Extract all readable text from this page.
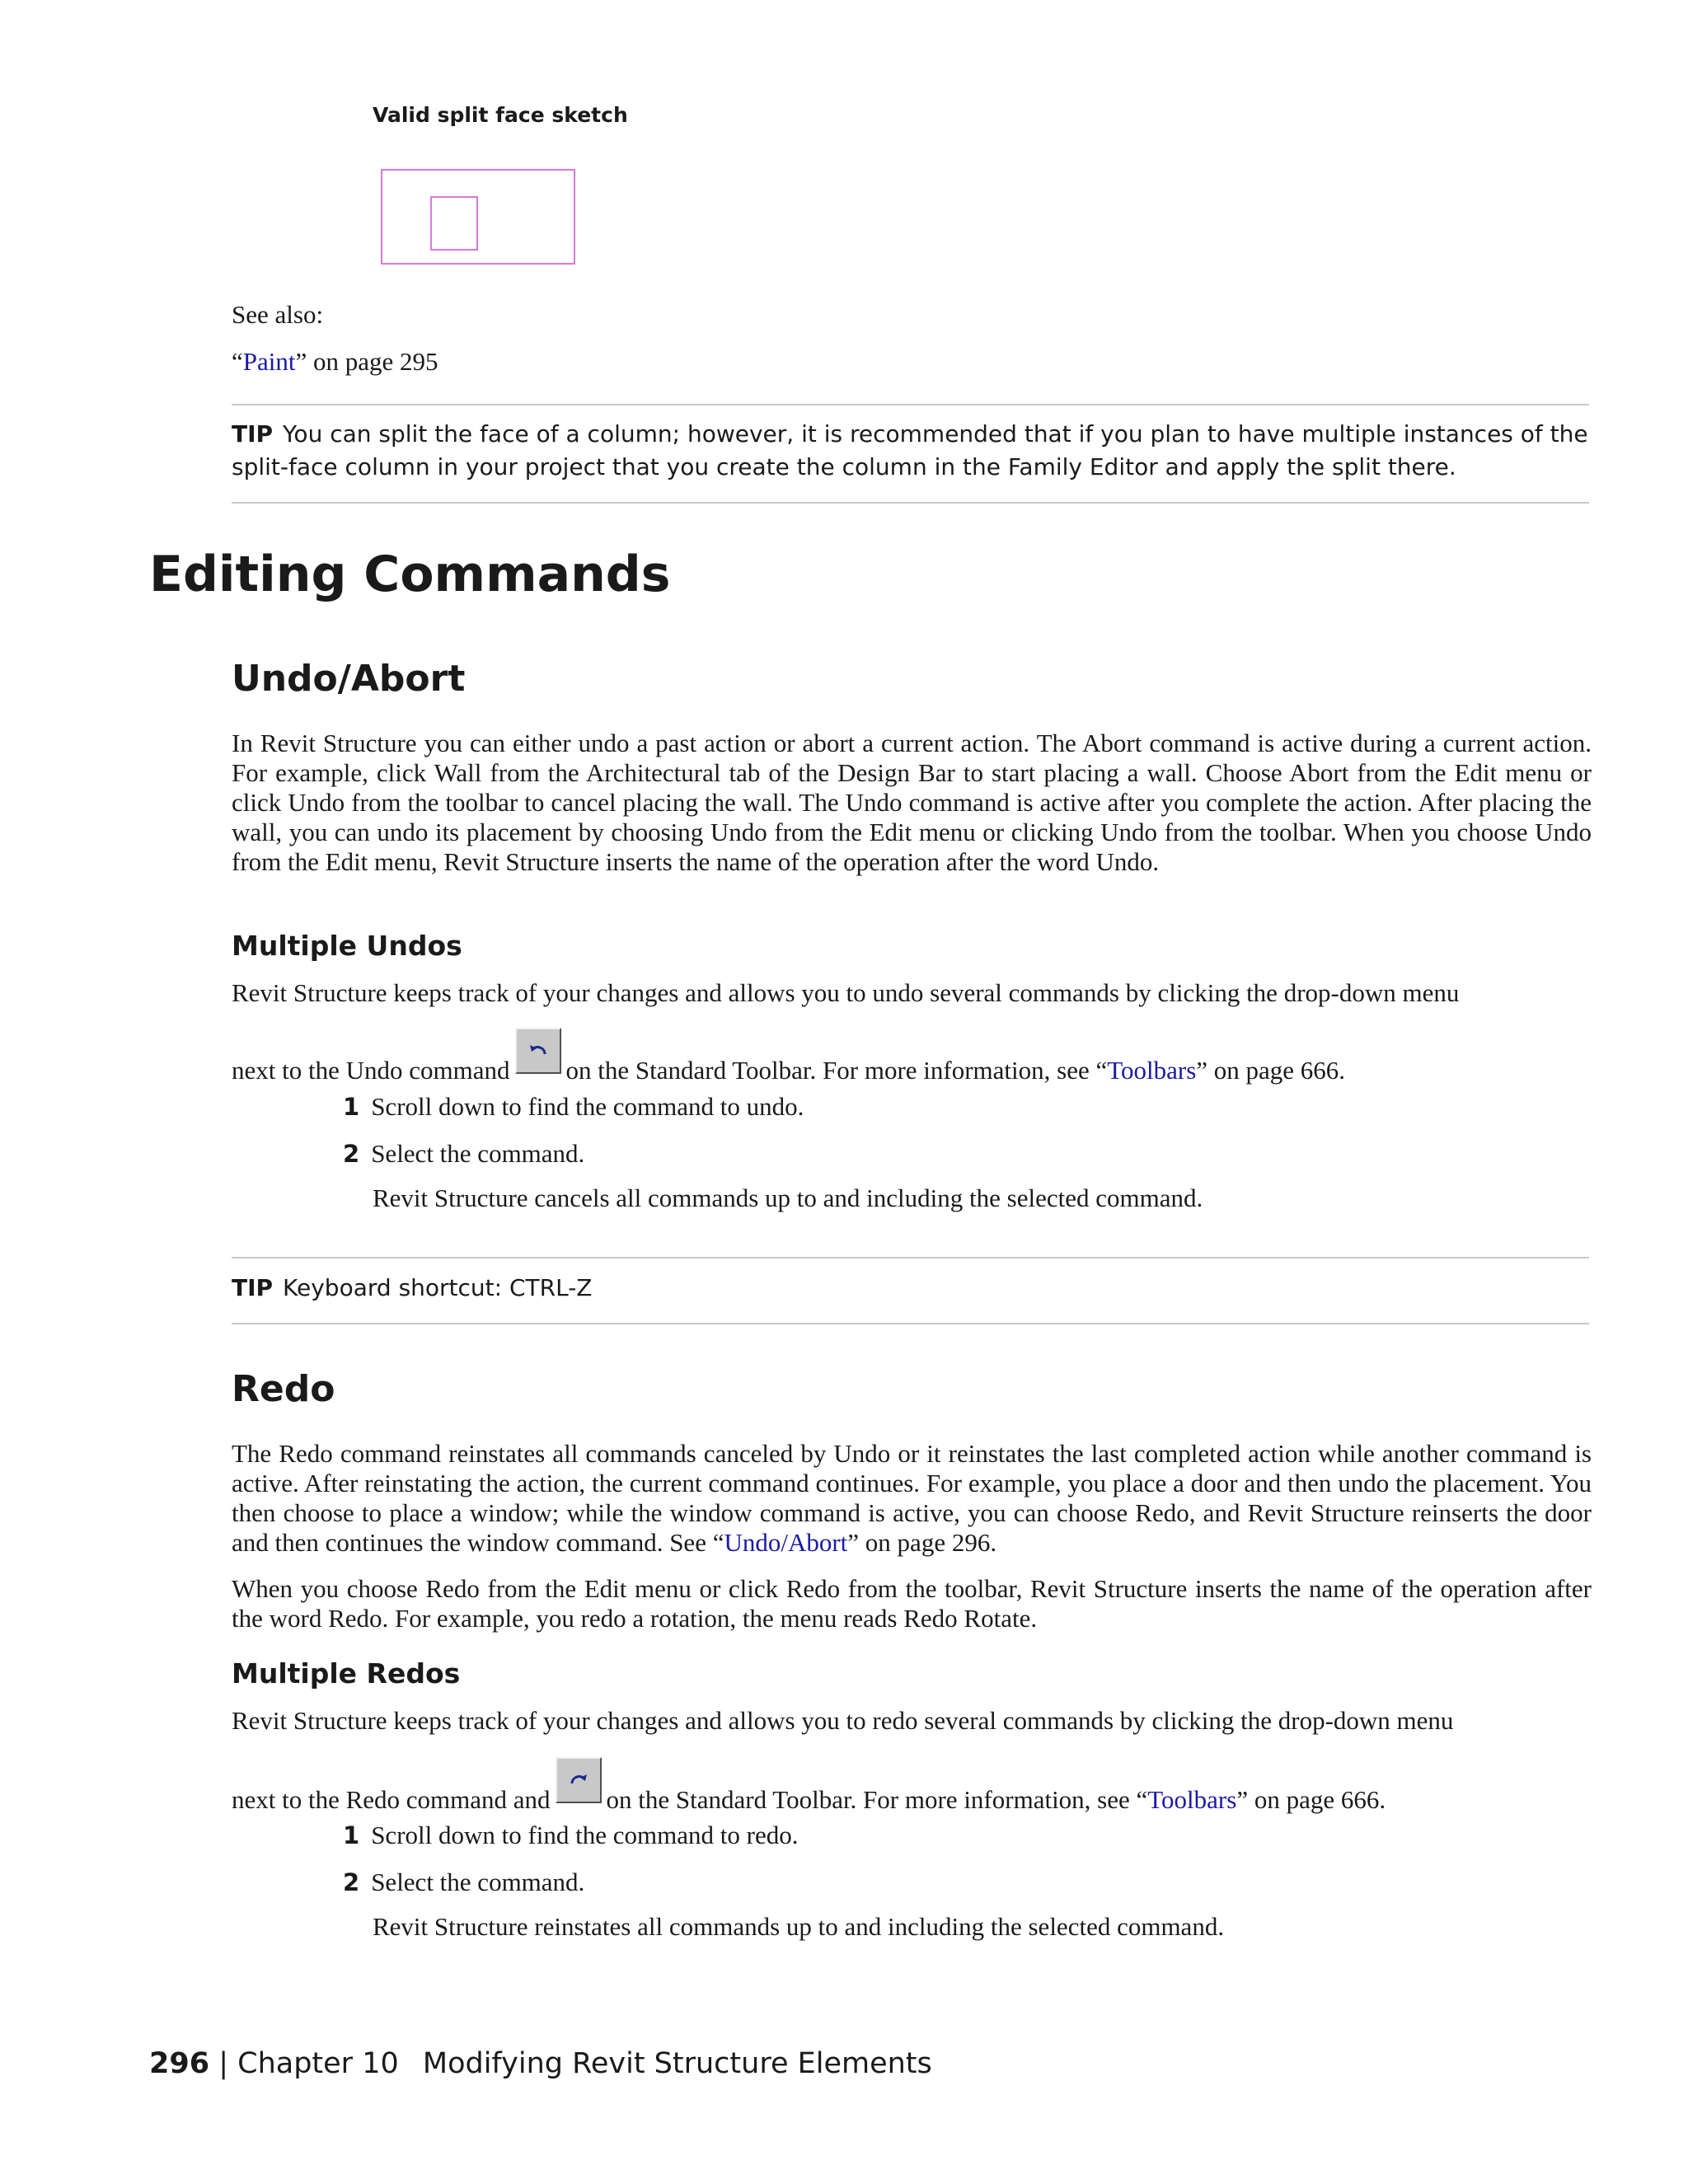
Valid split face sketch
See also:
“Paint” on page 295
TIP You can split the face of a column; however, it is recommended that if you plan to have multiple instances of the split-face column in your project that you create the column in the Family Editor and apply the split there.
Editing Commands
Undo/Abort
In Revit Structure you can either undo a past action or abort a current action. The Abort command is active during a current action. For example, click Wall from the Architectural tab of the Design Bar to start placing a wall. Choose Abort from the Edit menu or click Undo from the toolbar to cancel placing the wall. The Undo command is active after you complete the action. After placing the wall, you can undo its placement by choosing Undo from the Edit menu or clicking Undo from the toolbar. When you choose Undo from the Edit menu, Revit Structure inserts the name of the operation after the word Undo.
Multiple Undos
Revit Structure keeps track of your changes and allows you to undo several commands by clicking the drop-down menu
next to the Undo command on the Standard Toolbar. For more information, see “Toolbars” on page 666.
1 Scroll down to find the command to undo.
2 Select the command.
Revit Structure cancels all commands up to and including the selected command.
TIP Keyboard shortcut: CTRL-Z
Redo
The Redo command reinstates all commands canceled by Undo or it reinstates the last completed action while another command is active. After reinstating the action, the current command continues. For example, you place a door and then undo the placement. You then choose to place a window; while the window command is active, you can choose Redo, and Revit Structure reinserts the door and then continues the window command. See “Undo/Abort” on page 296.
When you choose Redo from the Edit menu or click Redo from the toolbar, Revit Structure inserts the name of the operation after the word Redo. For example, you redo a rotation, the menu reads Redo Rotate.
Multiple Redos
Revit Structure keeps track of your changes and allows you to redo several commands by clicking the drop-down menu
next to the Redo command and on the Standard Toolbar. For more information, see “Toolbars” on page 666.
1 Scroll down to find the command to redo.
2 Select the command.
Revit Structure reinstates all commands up to and including the selected command.
296 | Chapter 10 Modifying Revit Structure Elements
